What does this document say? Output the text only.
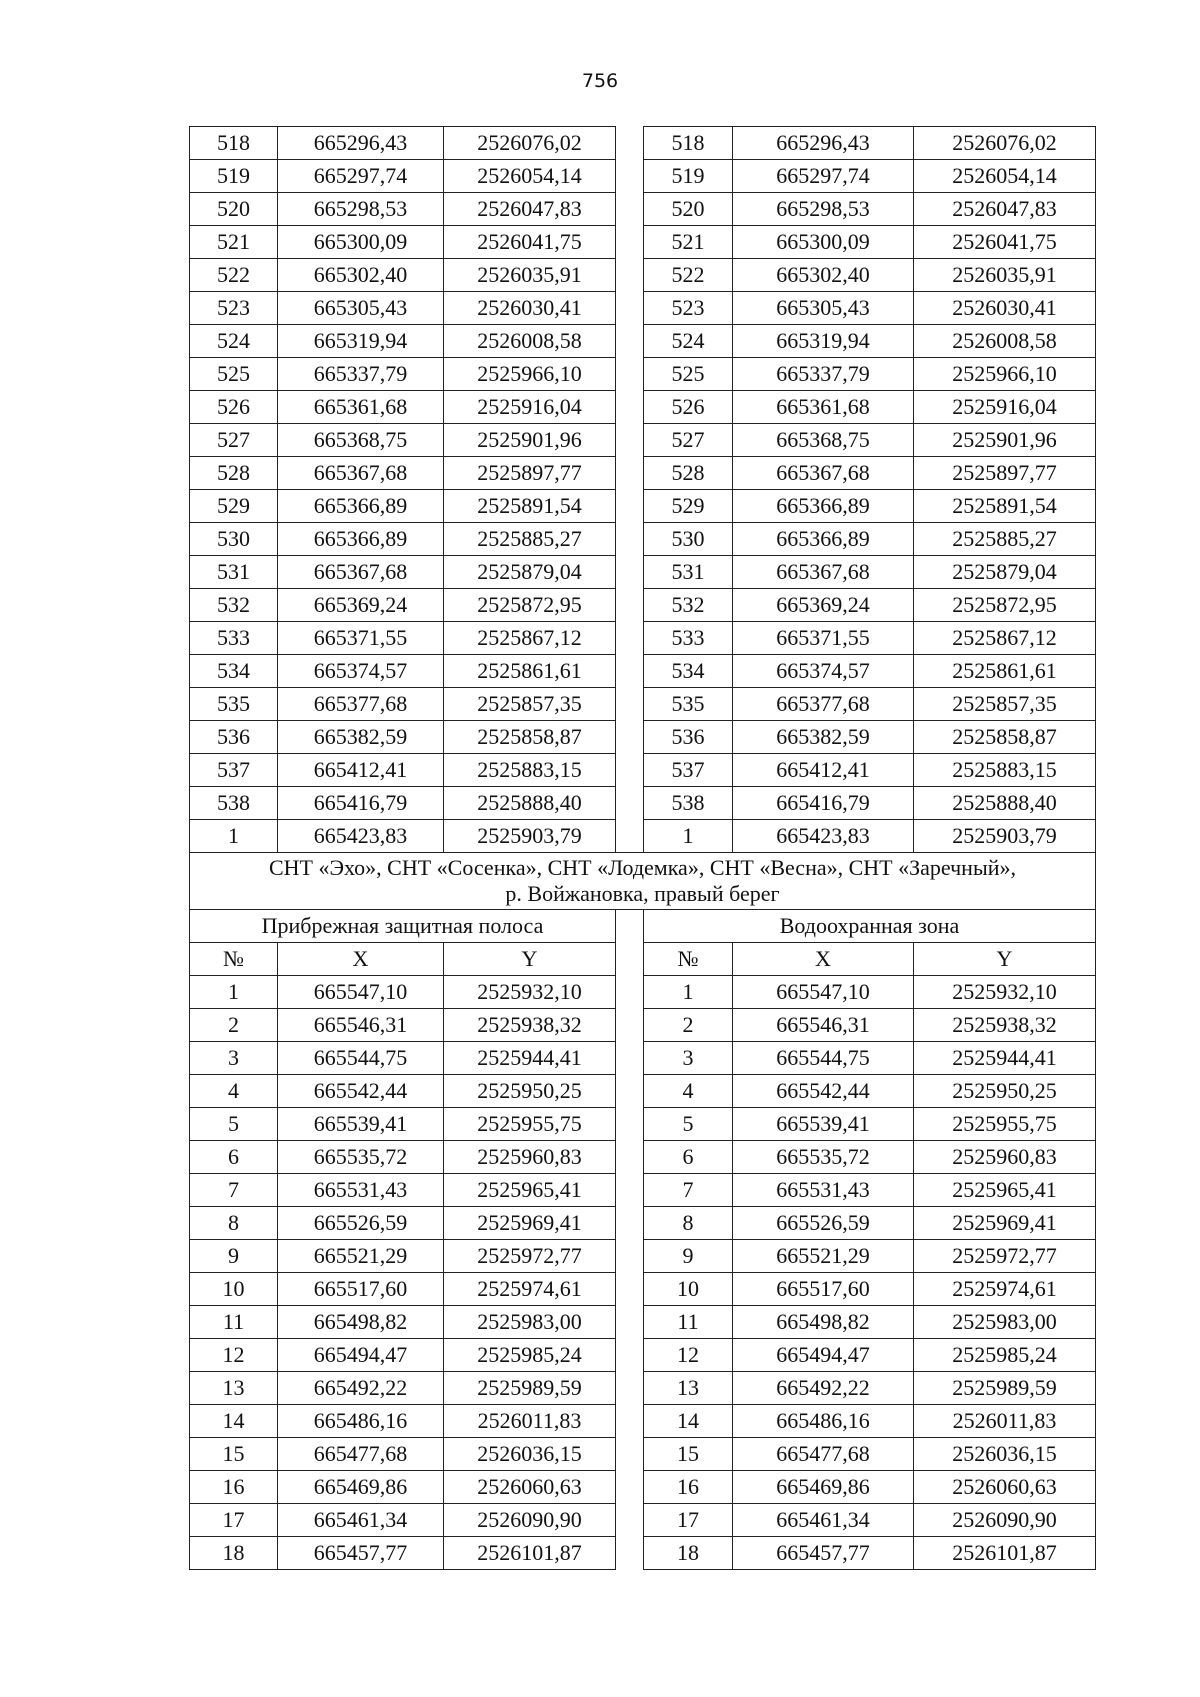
756
518	665296,43	2526076,02		518	665296,43	2526076,02
519	665297,74	2526054,14		519	665297,74	2526054,14
520	665298,53	2526047,83		520	665298,53	2526047,83
521	665300,09	2526041,75		521	665300,09	2526041,75
522	665302,40	2526035,91		522	665302,40	2526035,91
523	665305,43	2526030,41		523	665305,43	2526030,41
524	665319,94	2526008,58		524	665319,94	2526008,58
525	665337,79	2525966,10		525	665337,79	2525966,10
526	665361,68	2525916,04		526	665361,68	2525916,04
527	665368,75	2525901,96		527	665368,75	2525901,96
528	665367,68	2525897,77		528	665367,68	2525897,77
529	665366,89	2525891,54		529	665366,89	2525891,54
530	665366,89	2525885,27		530	665366,89	2525885,27
531	665367,68	2525879,04		531	665367,68	2525879,04
532	665369,24	2525872,95		532	665369,24	2525872,95
533	665371,55	2525867,12		533	665371,55	2525867,12
534	665374,57	2525861,61		534	665374,57	2525861,61
535	665377,68	2525857,35		535	665377,68	2525857,35
536	665382,59	2525858,87		536	665382,59	2525858,87
537	665412,41	2525883,15		537	665412,41	2525883,15
538	665416,79	2525888,40		538	665416,79	2525888,40
1	665423,83	2525903,79		1	665423,83	2525903,79
СНТ «Эхо», СНТ «Сосенка», СНТ «Лодемка», СНТ «Весна», СНТ «Заречный»,
р. Войжановка, правый берег						
Прибрежная защитная полоса				Водоохранная зона		
№	X	Y		№	X	Y
1	665547,10	2525932,10		1	665547,10	2525932,10
2	665546,31	2525938,32		2	665546,31	2525938,32
3	665544,75	2525944,41		3	665544,75	2525944,41
4	665542,44	2525950,25		4	665542,44	2525950,25
5	665539,41	2525955,75		5	665539,41	2525955,75
6	665535,72	2525960,83		6	665535,72	2525960,83
7	665531,43	2525965,41		7	665531,43	2525965,41
8	665526,59	2525969,41		8	665526,59	2525969,41
9	665521,29	2525972,77		9	665521,29	2525972,77
10	665517,60	2525974,61		10	665517,60	2525974,61
11	665498,82	2525983,00		11	665498,82	2525983,00
12	665494,47	2525985,24		12	665494,47	2525985,24
13	665492,22	2525989,59		13	665492,22	2525989,59
14	665486,16	2526011,83		14	665486,16	2526011,83
15	665477,68	2526036,15		15	665477,68	2526036,15
16	665469,86	2526060,63		16	665469,86	2526060,63
17	665461,34	2526090,90		17	665461,34	2526090,90
18	665457,77	2526101,87		18	665457,77	2526101,87
